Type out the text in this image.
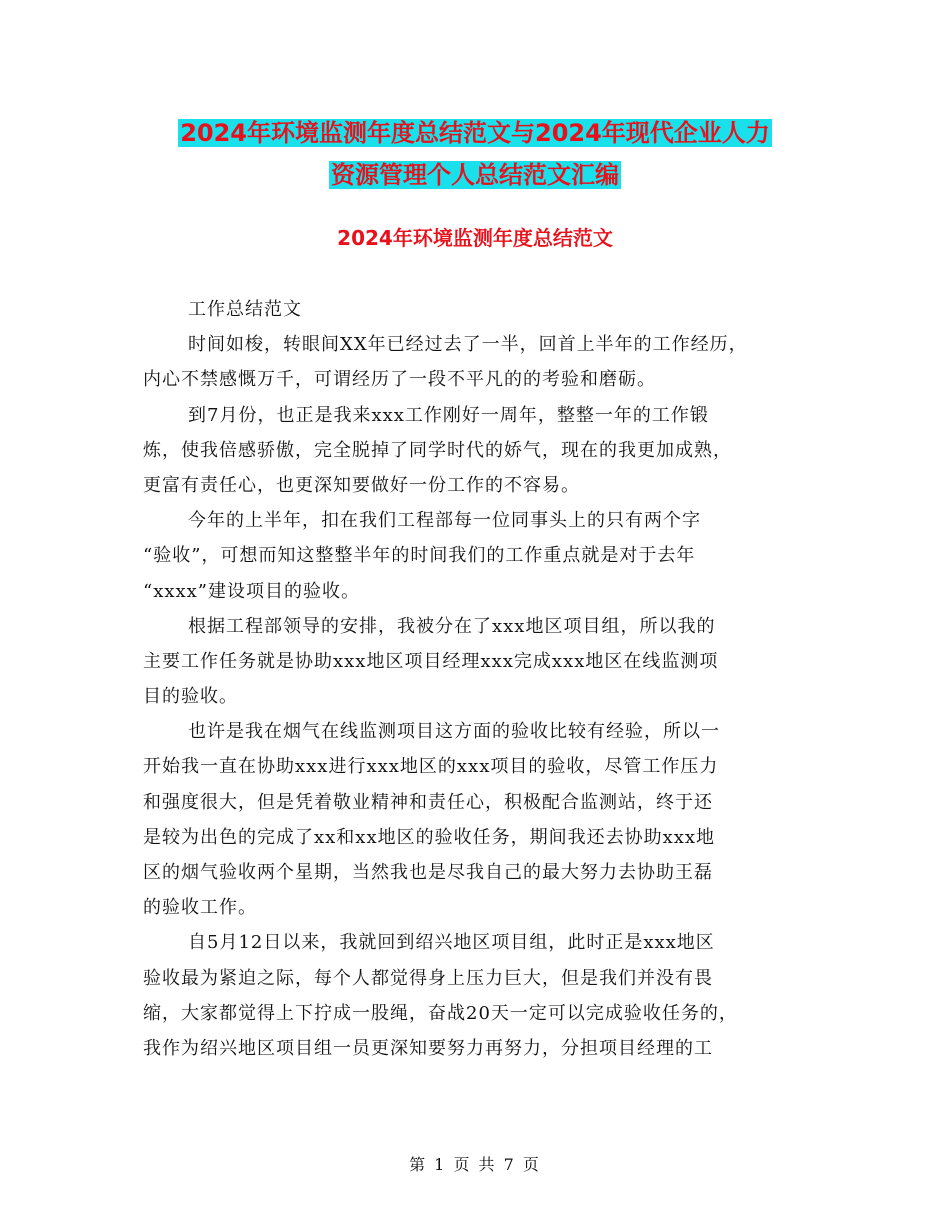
2024年环境监测年度总结范文与2024年现代企业人力
资源管理个人总结范文汇编
2024年环境监测年度总结范文
工作总结范文
时间如梭，转眼间XX年已经过去了一半，回首上半年的工作经历，
内心不禁感慨万千，可谓经历了一段不平凡的的考验和磨砺。
到7月份，也正是我来xxx工作刚好一周年，整整一年的工作锻
炼，使我倍感骄傲，完全脱掉了同学时代的娇气，现在的我更加成熟，
更富有责任心，也更深知要做好一份工作的不容易。
今年的上半年，扣在我们工程部每一位同事头上的只有两个字
“验收”，可想而知这整整半年的时间我们的工作重点就是对于去年
“xxxx”建设项目的验收。
根据工程部领导的安排，我被分在了xxx地区项目组，所以我的
主要工作任务就是协助xxx地区项目经理xxx完成xxx地区在线监测项
目的验收。
也许是我在烟气在线监测项目这方面的验收比较有经验，所以一
开始我一直在协助xxx进行xxx地区的xxx项目的验收，尽管工作压力
和强度很大，但是凭着敬业精神和责任心，积极配合监测站，终于还
是较为出色的完成了xx和xx地区的验收任务，期间我还去协助xxx地
区的烟气验收两个星期，当然我也是尽我自己的最大努力去协助王磊
的验收工作。
自5月12日以来，我就回到绍兴地区项目组，此时正是xxx地区
验收最为紧迫之际，每个人都觉得身上压力巨大，但是我们并没有畏
缩，大家都觉得上下拧成一股绳，奋战20天一定可以完成验收任务的，
我作为绍兴地区项目组一员更深知要努力再努力，分担项目经理的工
第 1 页 共 7 页
